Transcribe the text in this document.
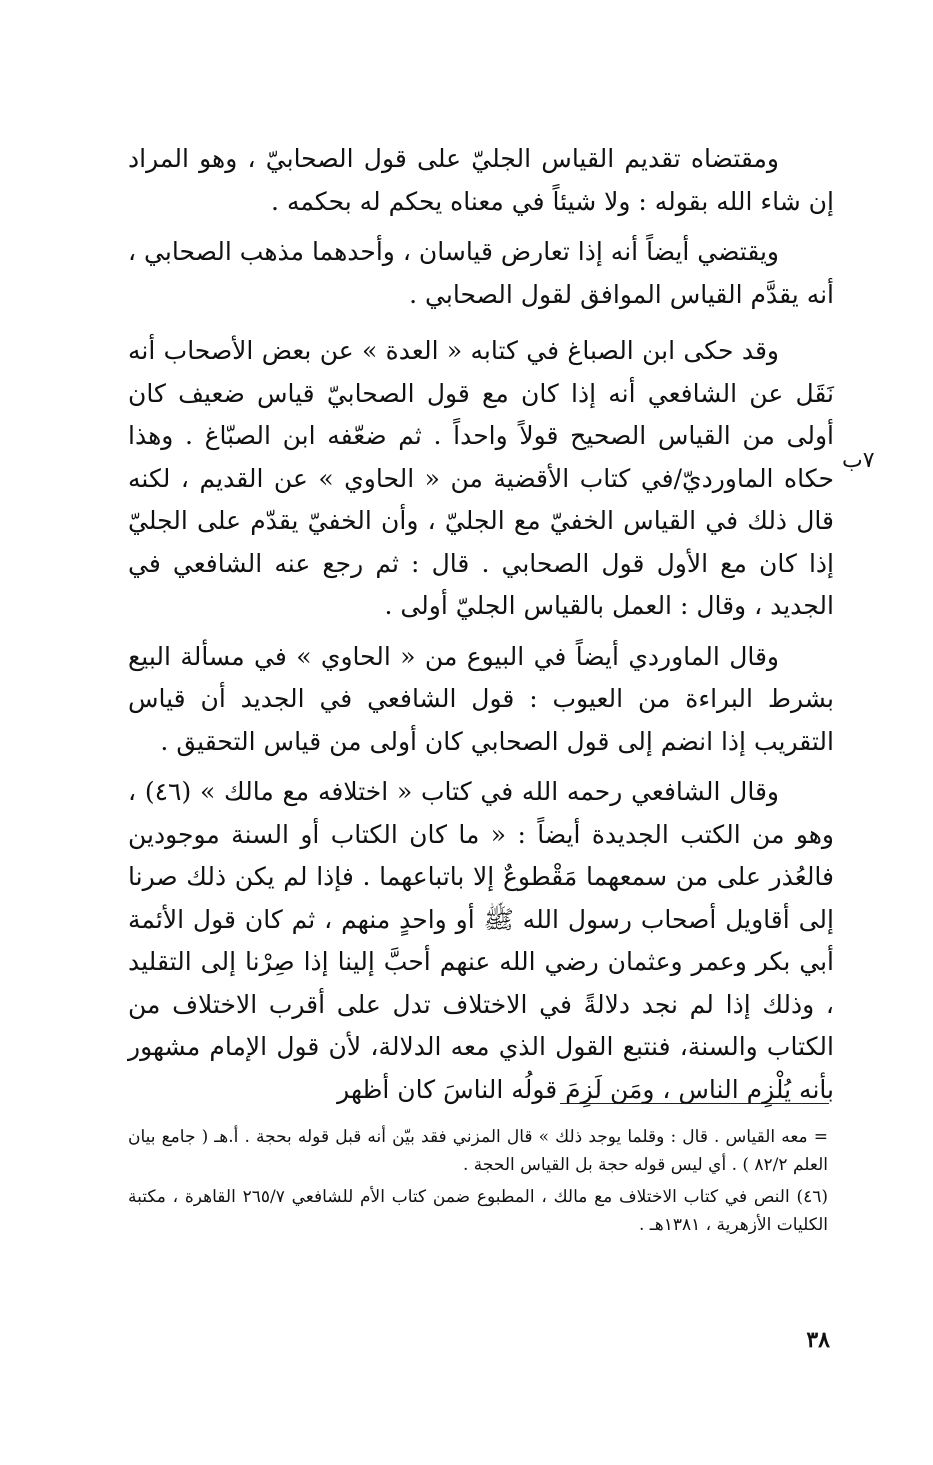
ومقتضاه تقديم القياس الجليّ على قول الصحابيّ ، وهو المراد إن شاء الله بقوله : ولا شيئاً في معناه يحكم له بحكمه .

ويقتضي أيضاً أنه إذا تعارض قياسان ، وأحدهما مذهب الصحابي ، أنه يقدَّم القياس الموافق لقول الصحابي .

وقد حكى ابن الصباغ في كتابه « العدة » عن بعض الأصحاب أنه نَقَل عن الشافعي أنه إذا كان مع قول الصحابيّ قياس ضعيف كان أولى من القياس الصحيح قولاً واحداً . ثم ضعّفه ابن الصبّاغ . وهذا حكاه الماورديّ/في كتاب الأقضية من « الحاوي » عن القديم ، لكنه قال ذلك في القياس الخفيّ مع الجليّ ، وأن الخفيّ يقدّم على الجليّ إذا كان مع الأول قول الصحابي . قال : ثم رجع عنه الشافعي في الجديد ، وقال : العمل بالقياس الجليّ أولى .

وقال الماوردي أيضاً في البيوع من « الحاوي » في مسألة البيع بشرط البراءة من العيوب : قول الشافعي في الجديد أن قياس التقريب إذا انضم إلى قول الصحابي كان أولى من قياس التحقيق .

وقال الشافعي رحمه الله في كتاب « اختلافه مع مالك » (٤٦) ، وهو من الكتب الجديدة أيضاً : « ما كان الكتاب أو السنة موجودين فالعُذر على من سمعهما مَقْطوعٌ إلا باتباعهما . فإذا لم يكن ذلك صرنا إلى أقاويل أصحاب رسول الله ﷺ أو واحدٍ منهم ، ثم كان قول الأئمة أبي بكر وعمر وعثمان رضي الله عنهم أحبَّ إلينا إذا صِرْنا إلى التقليد ، وذلك إذا لم نجد دلالةً في الاختلاف تدل على أقرب الاختلاف من الكتاب والسنة، فنتبع القول الذي معه الدلالة، لأن قول الإمام مشهور بأنه يُلْزِم الناس ، ومَن لَزِمَ قولُه الناسَ كان أظهر

٧ب

= معه القياس . قال : وقلما يوجد ذلك » قال المزني فقد بيّن أنه قبل قوله بحجة . أ.هـ ( جامع بيان العلم ٨٢/٢ ) . أي ليس قوله حجة بل القياس الحجة .

(٤٦) النص في كتاب الاختلاف مع مالك ، المطبوع ضمن كتاب الأم للشافعي ٢٦٥/٧ القاهرة ، مكتبة الكليات الأزهرية ، ١٣٨١هـ .

٣٨
